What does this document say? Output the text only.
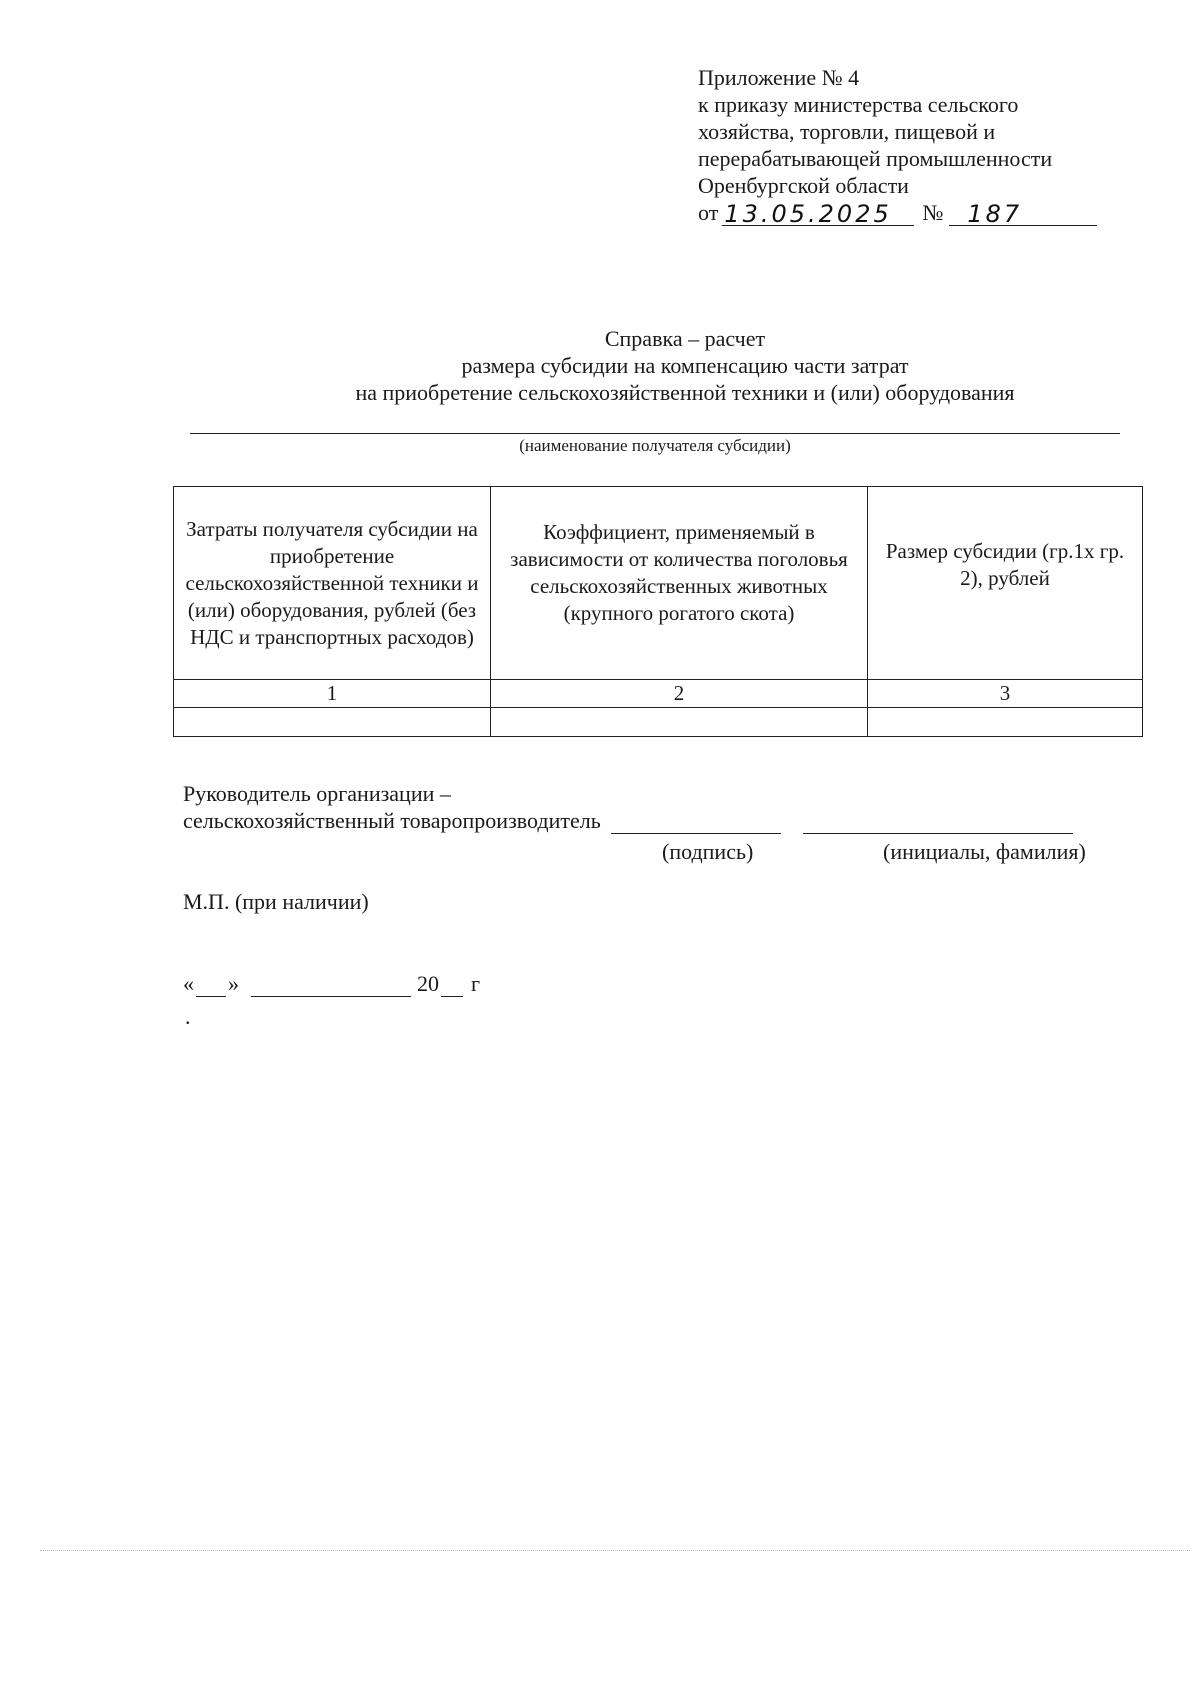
Приложение № 4
к приказу министерства сельского
хозяйства, торговли, пищевой и
перерабатывающей промышленности
Оренбургской области
от 13.05.2025	№	187
Справка – расчет
размера субсидии на компенсацию части затрат
на приобретение сельскохозяйственной техники и (или) оборудования
(наименование получателя субсидии)
Затраты получателя субсидии на приобретение сельскохозяйственной техники и (или) оборудования, рублей (без НДС и транспортных расходов)	Коэффициент, применяемый в зависимости от количества поголовья сельскохозяйственных животных (крупного рогатого скота)	Размер субсидии (гр.1х гр. 2), рублей
1	2	3

Руководитель организации –
сельскохозяйственный товаропроизводитель
(подпись)	(инициалы, фамилия)
М.П. (при наличии)
« »	20 г
.
